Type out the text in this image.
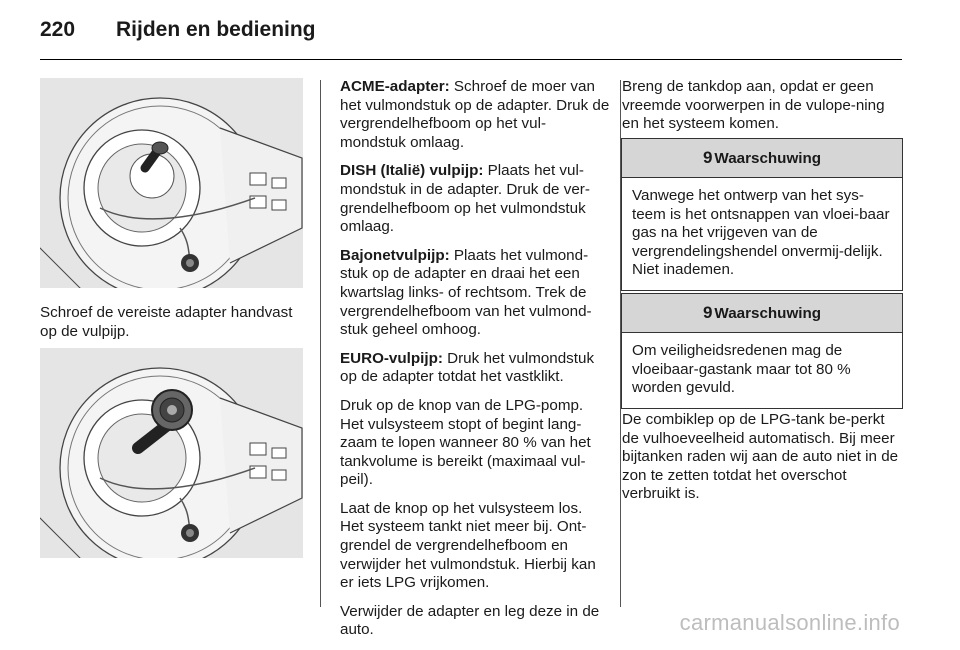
220	Rijden en bediening
Schroef de vereiste adapter handvast op de vulpijp.

ACME-adapter: Schroef de moer van het vulmondstuk op de adapter. Druk de vergrendelhefboom op het vul-mondstuk omlaag.

DISH (Italië) vulpijp: Plaats het vul-mondstuk in de adapter. Druk de ver-grendelhefboom op het vulmondstuk omlaag.

Bajonetvulpijp: Plaats het vulmond-stuk op de adapter en draai het een kwartslag links- of rechtsom. Trek de vergrendelhefboom van het vulmond-stuk geheel omhoog.

EURO-vulpijp: Druk het vulmondstuk op de adapter totdat het vastklikt.

Druk op de knop van de LPG-pomp. Het vulsysteem stopt of begint lang-zaam te lopen wanneer 80 % van het tankvolume is bereikt (maximaal vul-peil).

Laat de knop op het vulsysteem los. Het systeem tankt niet meer bij. Ont-grendel de vergrendelhefboom en verwijder het vulmondstuk. Hierbij kan er iets LPG vrijkomen.

Verwijder de adapter en leg deze in de auto.

Breng de tankdop aan, opdat er geen vreemde voorwerpen in de vulope-ning en het systeem komen.

9 Waarschuwing
Vanwege het ontwerp van het sys-teem is het ontsnappen van vloei-baar gas na het vrijgeven van de vergrendelingshendel onvermij-delijk. Niet inademen.
9 Waarschuwing
Om veiligheidsredenen mag de vloeibaar-gastank maar tot 80 % worden gevuld.

De combiklep op de LPG-tank be-perkt de vulhoeveelheid automatisch. Bij meer bijtanken raden wij aan de auto niet in de zon te zetten totdat het overschot verbruikt is.

carmanualsonline.info
